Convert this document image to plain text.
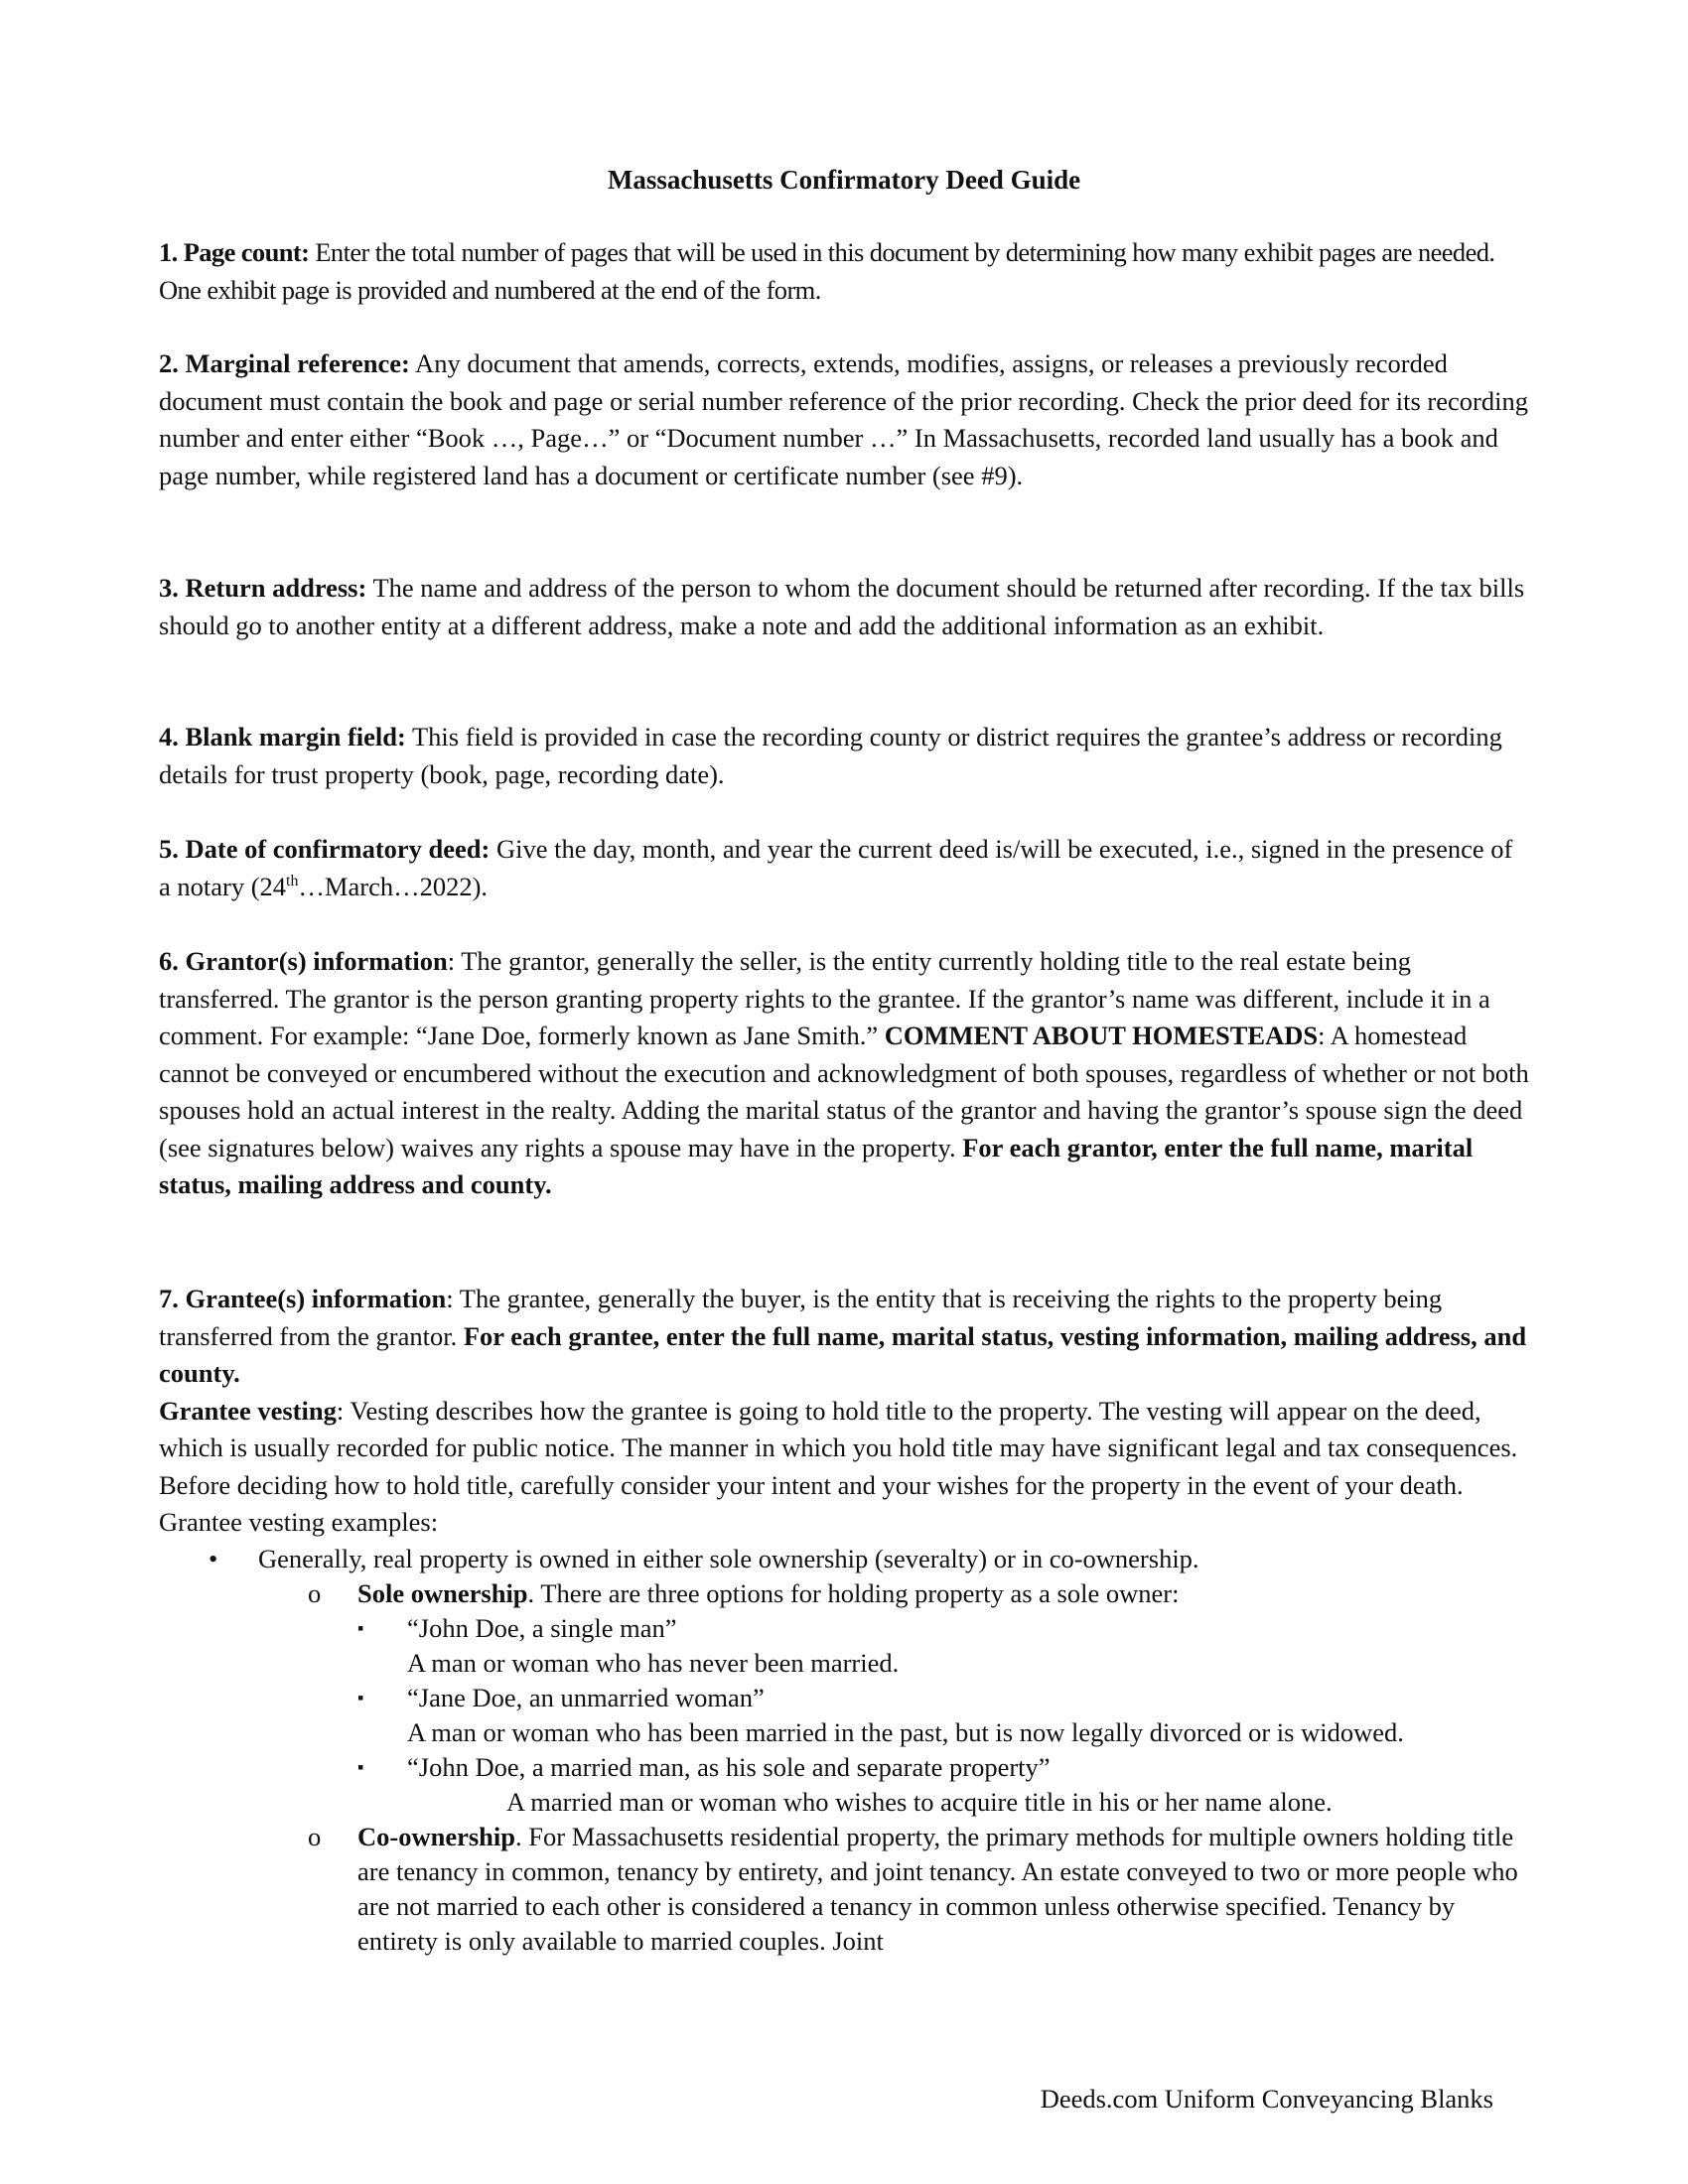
Massachusetts Confirmatory Deed Guide

1. Page count: Enter the total number of pages that will be used in this document by determining how many exhibit pages are needed. One exhibit page is provided and numbered at the end of the form.

2. Marginal reference: Any document that amends, corrects, extends, modifies, assigns, or releases a previously recorded document must contain the book and page or serial number reference of the prior recording. Check the prior deed for its recording number and enter either “Book …, Page…” or “Document number …” In Massachusetts, recorded land usually has a book and page number, while registered land has a document or certificate number (see #9).

3. Return address: The name and address of the person to whom the document should be returned after recording. If the tax bills should go to another entity at a different address, make a note and add the additional information as an exhibit.

4. Blank margin field: This field is provided in case the recording county or district requires the grantee’s address or recording details for trust property (book, page, recording date).

5. Date of confirmatory deed: Give the day, month, and year the current deed is/will be executed, i.e., signed in the presence of a notary (24th…March…2022).

6. Grantor(s) information: The grantor, generally the seller, is the entity currently holding title to the real estate being transferred. The grantor is the person granting property rights to the grantee. If the grantor’s name was different, include it in a comment. For example: “Jane Doe, formerly known as Jane Smith.” COMMENT ABOUT HOMESTEADS: A homestead cannot be conveyed or encumbered without the execution and acknowledgment of both spouses, regardless of whether or not both spouses hold an actual interest in the realty. Adding the marital status of the grantor and having the grantor’s spouse sign the deed (see signatures below) waives any rights a spouse may have in the property. For each grantor, enter the full name, marital status, mailing address and county.

7. Grantee(s) information: The grantee, generally the buyer, is the entity that is receiving the rights to the property being transferred from the grantor. For each grantee, enter the full name, marital status, vesting information, mailing address, and county.
Grantee vesting: Vesting describes how the grantee is going to hold title to the property. The vesting will appear on the deed, which is usually recorded for public notice. The manner in which you hold title may have significant legal and tax consequences. Before deciding how to hold title, carefully consider your intent and your wishes for the property in the event of your death. Grantee vesting examples:

• Generally, real property is owned in either sole ownership (severalty) or in co-ownership.
o Sole ownership. There are three options for holding property as a sole owner:
▪ “John Doe, a single man”
A man or woman who has never been married.
▪ “Jane Doe, an unmarried woman”
A man or woman who has been married in the past, but is now legally divorced or is widowed.
▪ “John Doe, a married man, as his sole and separate property”
A married man or woman who wishes to acquire title in his or her name alone.
o Co-ownership. For Massachusetts residential property, the primary methods for multiple owners holding title are tenancy in common, tenancy by entirety, and joint tenancy. An estate conveyed to two or more people who are not married to each other is considered a tenancy in common unless otherwise specified. Tenancy by entirety is only available to married couples. Joint
Deeds.com Uniform Conveyancing Blanks
